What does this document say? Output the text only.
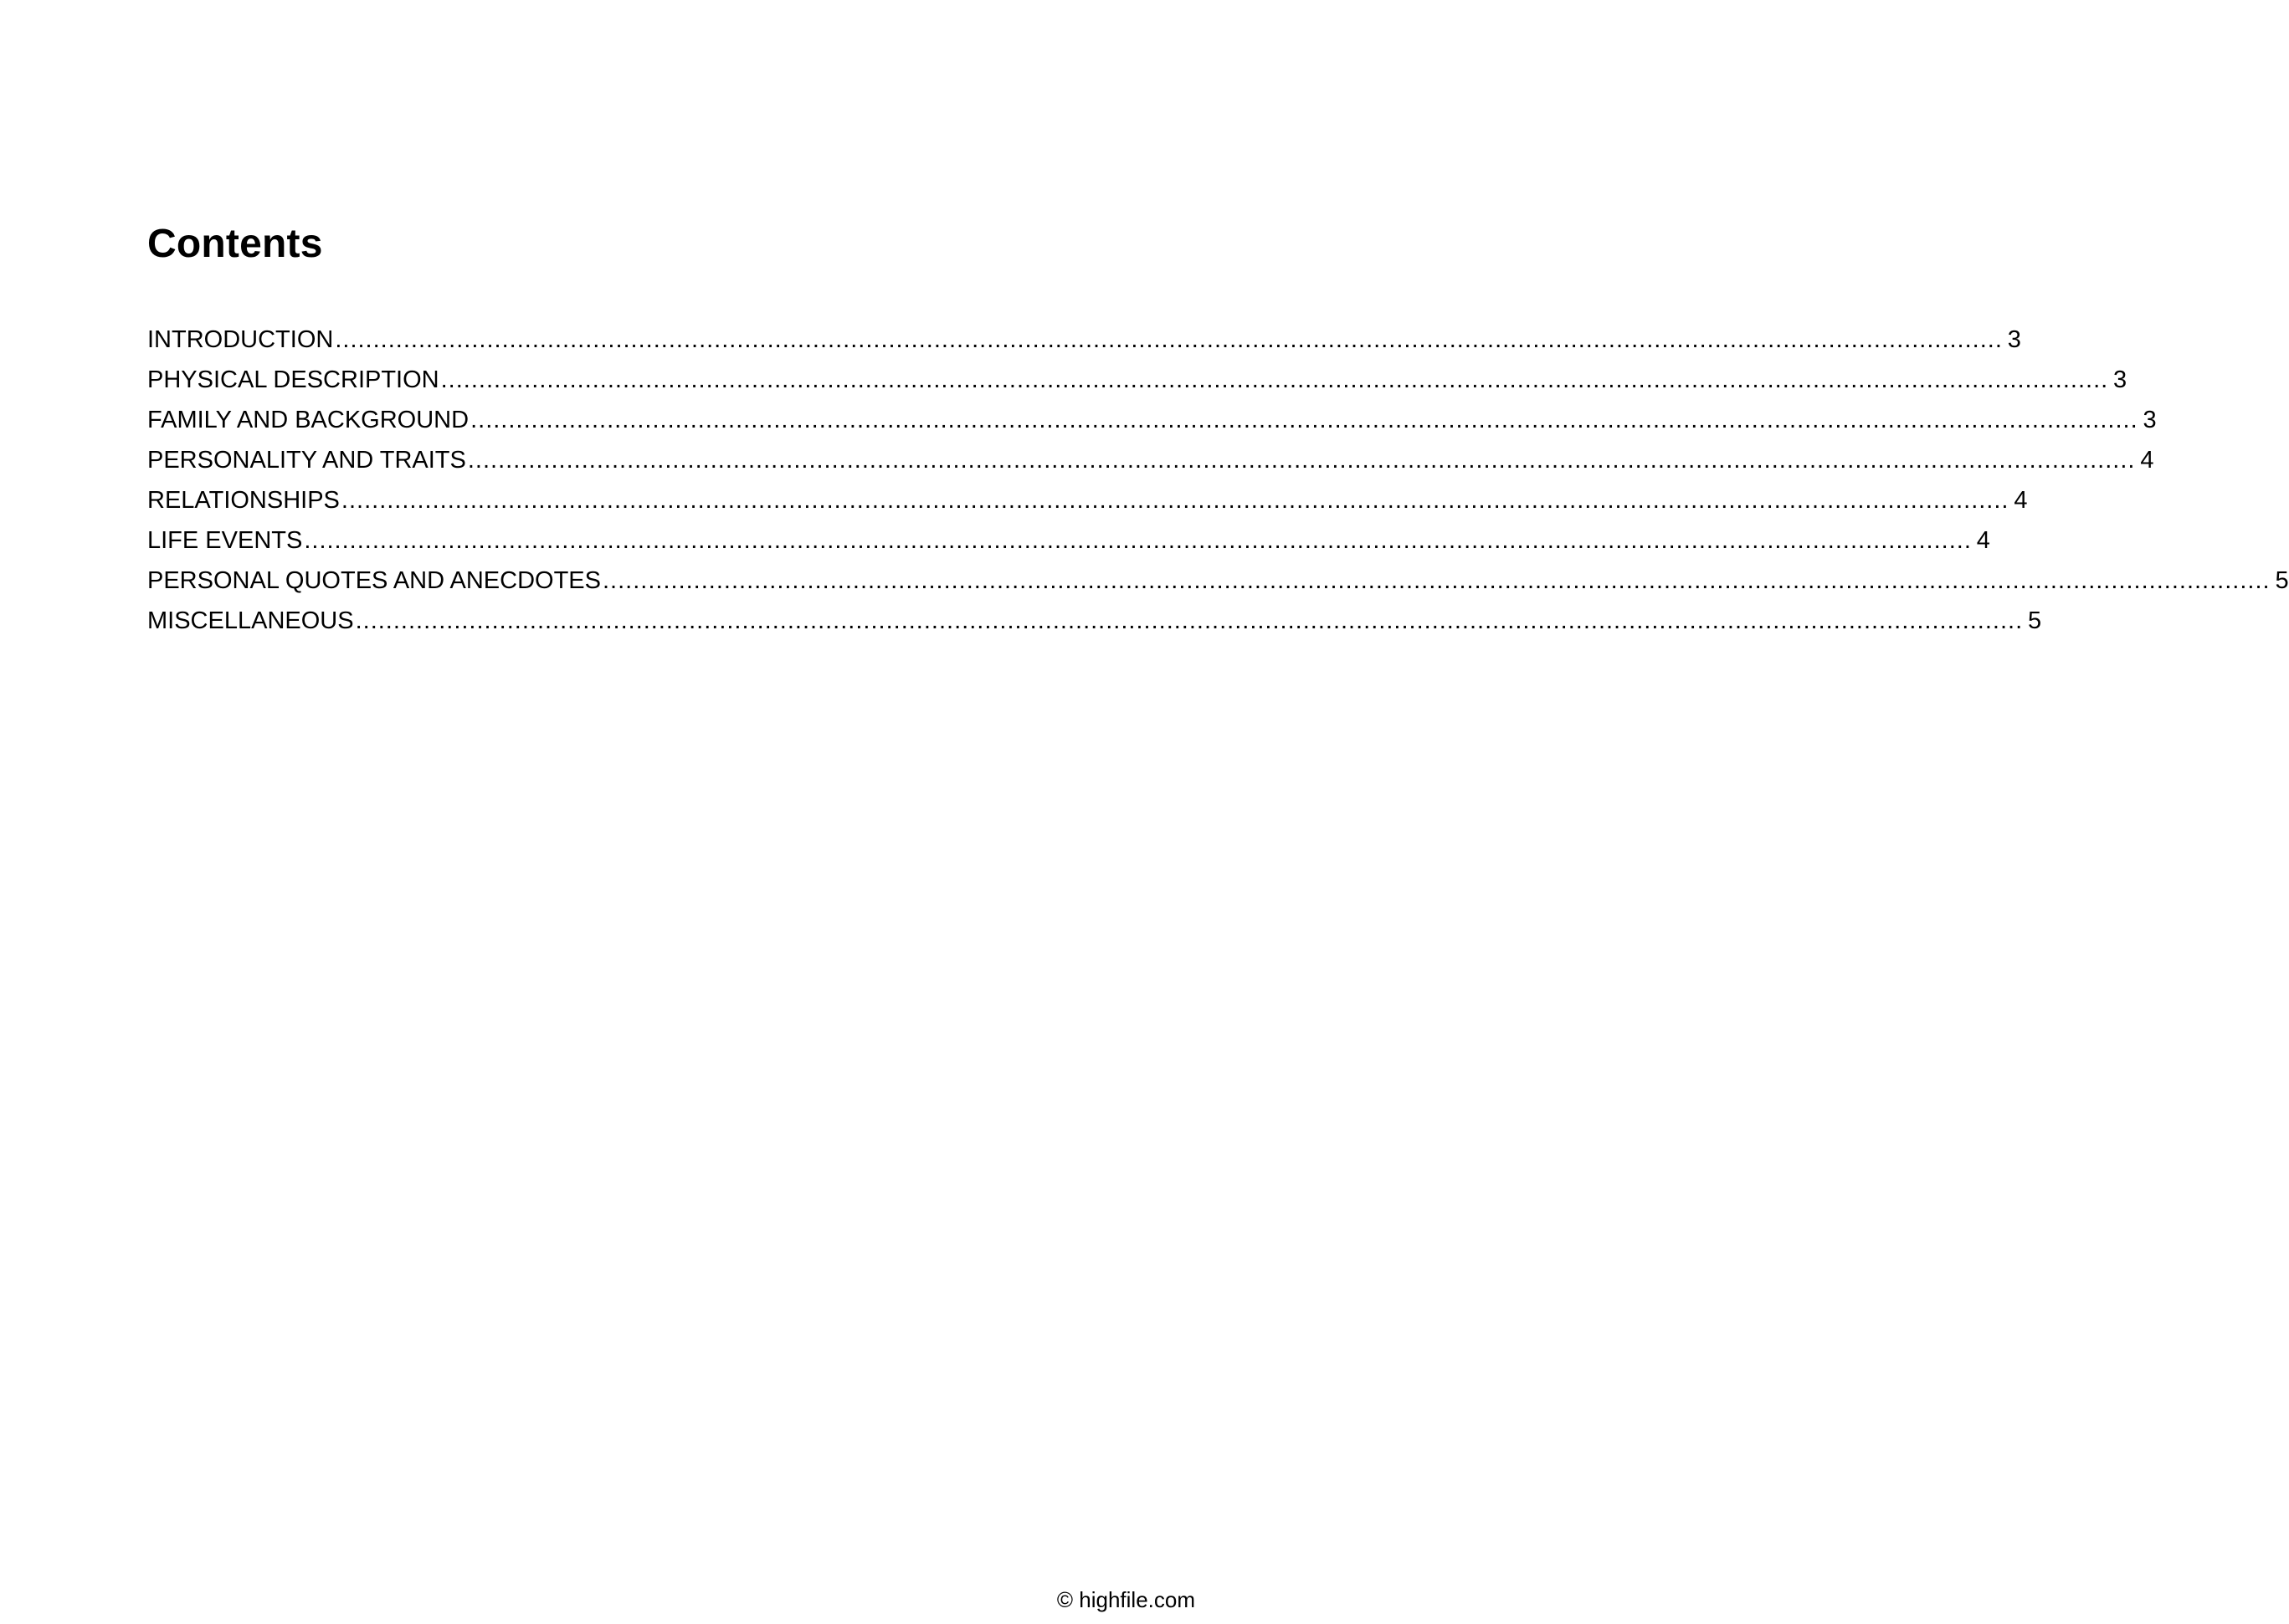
Contents
INTRODUCTION ............................................................................................................................................................................................................................ 3
PHYSICAL DESCRIPTION ............................................................................................................................................................................................................................ 3
FAMILY AND BACKGROUND ............................................................................................................................................................................................................................ 3
PERSONALITY AND TRAITS ............................................................................................................................................................................................................................ 4
RELATIONSHIPS ............................................................................................................................................................................................................................ 4
LIFE EVENTS ............................................................................................................................................................................................................................ 4
PERSONAL QUOTES AND ANECDOTES ............................................................................................................................................................................................................................ 5
MISCELLANEOUS ............................................................................................................................................................................................................................ 5
© highfile.com
